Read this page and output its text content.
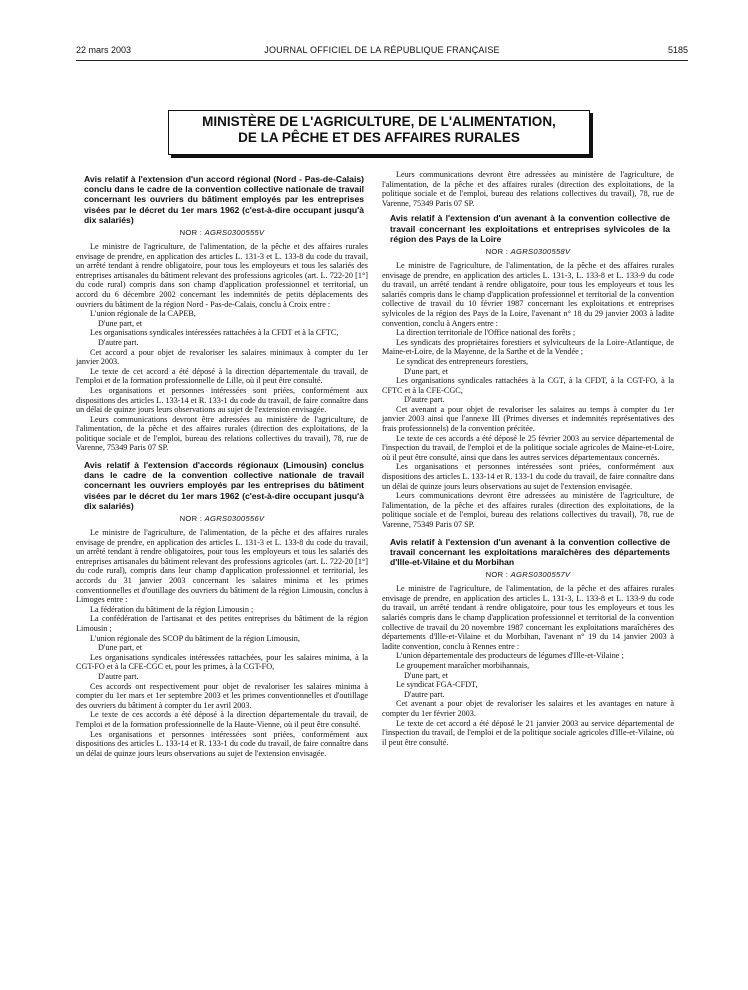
22 mars 2003	JOURNAL OFFICIEL DE LA RÉPUBLIQUE FRANÇAISE	5185
MINISTÈRE DE L'AGRICULTURE, DE L'ALIMENTATION,
DE LA PÊCHE ET DES AFFAIRES RURALES
Avis relatif à l'extension d'un accord régional (Nord - Pas-de-Calais) conclu dans le cadre de la convention collective nationale de travail concernant les ouvriers du bâtiment employés par les entreprises visées par le décret du 1er mars 1962 (c'est-à-dire occupant jusqu'à dix salariés)
NOR : AGRS0300555V

Le ministre de l'agriculture, de l'alimentation, de la pêche et des affaires rurales envisage de prendre, en application des articles L. 131-3 et L. 133-8 du code du travail, un arrêté tendant à rendre obligatoire, pour tous les employeurs et tous les salariés des entreprises artisanales du bâtiment relevant des professions agricoles (art. L. 722-20 [1°] du code rural) compris dans son champ d'application professionnel et territorial, un accord du 6 décembre 2002 concernant les indemnités de petits déplacements des ouvriers du bâtiment de la région Nord - Pas-de-Calais, conclu à Croix entre :

L'union régionale de la CAPEB,

D'une part, et

Les organisations syndicales intéressées rattachées à la CFDT et à la CFTC,

D'autre part.

Cet accord a pour objet de revaloriser les salaires minimaux à compter du 1er janvier 2003.

Le texte de cet accord a été déposé à la direction départementale du travail, de l'emploi et de la formation professionnelle de Lille, où il peut être consulté.

Les organisations et personnes intéressées sont priées, conformément aux dispositions des articles L. 133-14 et R. 133-1 du code du travail, de faire connaître dans un délai de quinze jours leurs observations au sujet de l'extension envisagée.

Leurs communications devront être adressées au ministère de l'agriculture, de l'alimentation, de la pêche et des affaires rurales (direction des exploitations, de la politique sociale et de l'emploi, bureau des relations collectives du travail), 78, rue de Varenne, 75349 Paris 07 SP.

Avis relatif à l'extension d'accords régionaux (Limousin) conclus dans le cadre de la convention collective nationale de travail concernant les ouvriers employés par les entreprises du bâtiment visées par le décret du 1er mars 1962 (c'est-à-dire occupant jusqu'à dix salariés)
NOR : AGRS0300556V

Le ministre de l'agriculture, de l'alimentation, de la pêche et des affaires rurales envisage de prendre, en application des articles L. 131-3 et L. 133-8 du code du travail, un arrêté tendant à rendre obligatoires, pour tous les employeurs et tous les salariés des entreprises artisanales du bâtiment relevant des professions agricoles (art. L. 722-20 [1°] du code rural), compris dans leur champ d'application professionnel et territorial, les accords du 31 janvier 2003 concernant les salaires minima et les primes conventionnelles et d'outillage des ouvriers du bâtiment de la région Limousin, conclus à Limoges entre :

La fédération du bâtiment de la région Limousin ;

La confédération de l'artisanat et des petites entreprises du bâtiment de la région Limousin ;

L'union régionale des SCOP du bâtiment de la région Limousin,

D'une part, et

Les organisations syndicales intéressées rattachées, pour les salaires minima, à la CGT-FO et à la CFE-CGC et, pour les primes, à la CGT-FO,

D'autre part.

Ces accords ont respectivement pour objet de revaloriser les salaires minima à compter du 1er mars et 1er septembre 2003 et les primes conventionnelles et d'outillage des ouvriers du bâtiment à compter du 1er avril 2003.

Le texte de ces accords a été déposé à la direction départementale du travail, de l'emploi et de la formation professionnelle de la Haute-Vienne, où il peut être consulté.

Les organisations et personnes intéressées sont priées, conformément aux dispositions des articles L. 133-14 et R. 133-1 du code du travail, de faire connaître dans un délai de quinze jours leurs observations au sujet de l'extension envisagée.

Leurs communications devront être adressées au ministère de l'agriculture, de l'alimentation, de la pêche et des affaires rurales (direction des exploitations, de la politique sociale et de l'emploi, bureau des relations collectives du travail), 78, rue de Varenne, 75349 Paris 07 SP.

Avis relatif à l'extension d'un avenant à la convention collective de travail concernant les exploitations et entreprises sylvicoles de la région des Pays de la Loire
NOR : AGRS0300558V

Le ministre de l'agriculture, de l'alimentation, de la pêche et des affaires rurales envisage de prendre, en application des articles L. 131-3, L. 133-8 et L. 133-9 du code du travail, un arrêté tendant à rendre obligatoire, pour tous les employeurs et tous les salariés compris dans le champ d'application professionnel et territorial de la convention collective de travail du 10 février 1987 concernant les exploitations et entreprises sylvicoles de la région des Pays de la Loire, l'avenant n° 18 du 29 janvier 2003 à ladite convention, conclu à Angers entre :

La direction territoriale de l'Office national des forêts ;

Les syndicats des propriétaires forestiers et sylviculteurs de la Loire-Atlantique, de Maine-et-Loire, de la Mayenne, de la Sarthe et de la Vendée ;

Le syndicat des entrepreneurs forestiers,

D'une part, et

Les organisations syndicales rattachées à la CGT, à la CFDT, à la CGT-FO, à la CFTC et à la CFE-CGC,

D'autre part.

Cet avenant a pour objet de revaloriser les salaires au temps à compter du 1er janvier 2003 ainsi que l'annexe III (Primes diverses et indemnités représentatives des frais professionnels) de la convention précitée.

Le texte de ces accords a été déposé le 25 février 2003 au service départemental de l'inspection du travail, de l'emploi et de la politique sociale agricoles de Maine-et-Loire, où il peut être consulté, ainsi que dans les autres services départementaux concernés.

Les organisations et personnes intéressées sont priées, conformément aux dispositions des articles L. 133-14 et R. 133-1 du code du travail, de faire connaître dans un délai de quinze jours leurs observations au sujet de l'extension envisagée.

Leurs communications devront être adressées au ministère de l'agriculture, de l'alimentation, de la pêche et des affaires rurales (direction des exploitations, de la politique sociale et de l'emploi, bureau des relations collectives du travail), 78, rue de Varenne, 75349 Paris 07 SP.

Avis relatif à l'extension d'un avenant à la convention collective de travail concernant les exploitations maraîchères des départements d'Ille-et-Vilaine et du Morbihan
NOR : AGRS0300557V

Le ministre de l'agriculture, de l'alimentation, de la pêche et des affaires rurales envisage de prendre, en application des articles L. 131-3, L. 133-8 et L. 133-9 du code du travail, un arrêté tendant à rendre obligatoire, pour tous les employeurs et tous les salariés compris dans le champ d'application professionnel et territorial de la convention collective de travail du 20 novembre 1987 concernant les exploitations maraîchères des départements d'Ille-et-Vilaine et du Morbihan, l'avenant n° 19 du 14 janvier 2003 à ladite convention, conclu à Rennes entre :

L'union départementale des producteurs de légumes d'Ille-et-Vilaine ;

Le groupement maraîcher morbihannais,

D'une part, et

Le syndicat FGA-CFDT,

D'autre part.

Cet avenant a pour objet de revaloriser les salaires et les avantages en nature à compter du 1er février 2003.

Le texte de cet accord a été déposé le 21 janvier 2003 au service départemental de l'inspection du travail, de l'emploi et de la politique sociale agricoles d'Ille-et-Vilaine, où il peut être consulté.
